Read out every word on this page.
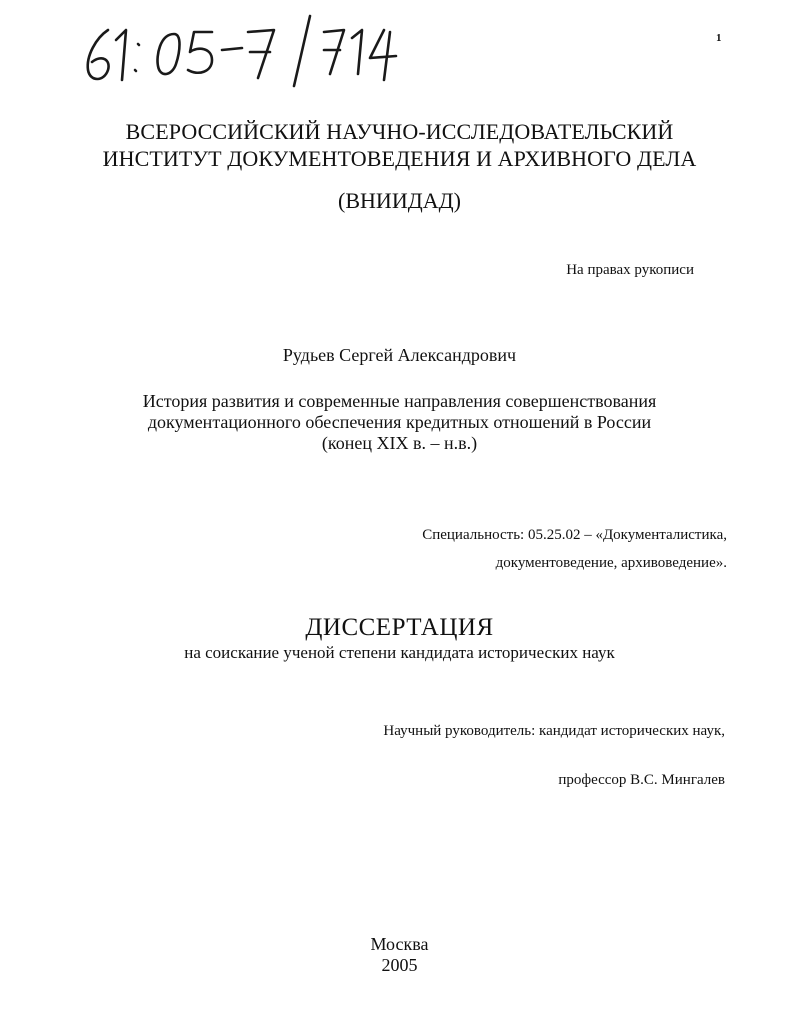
1
ВСЕРОССИЙСКИЙ НАУЧНО-ИССЛЕДОВАТЕЛЬСКИЙ
ИНСТИТУТ ДОКУМЕНТОВЕДЕНИЯ И АРХИВНОГО ДЕЛА
(ВНИИДАД)
На правах рукописи
Рудьев Сергей Александрович
История развития и современные направления совершенствования
документационного обеспечения кредитных отношений в России
(конец XIX в. – н.в.)
Специальность: 05.25.02 – «Документалистика,
документоведение, архивоведение».
ДИССЕРТАЦИЯ
на соискание ученой степени кандидата исторических наук
Научный руководитель: кандидат исторических наук,
профессор В.С. Мингалев
Москва
2005
